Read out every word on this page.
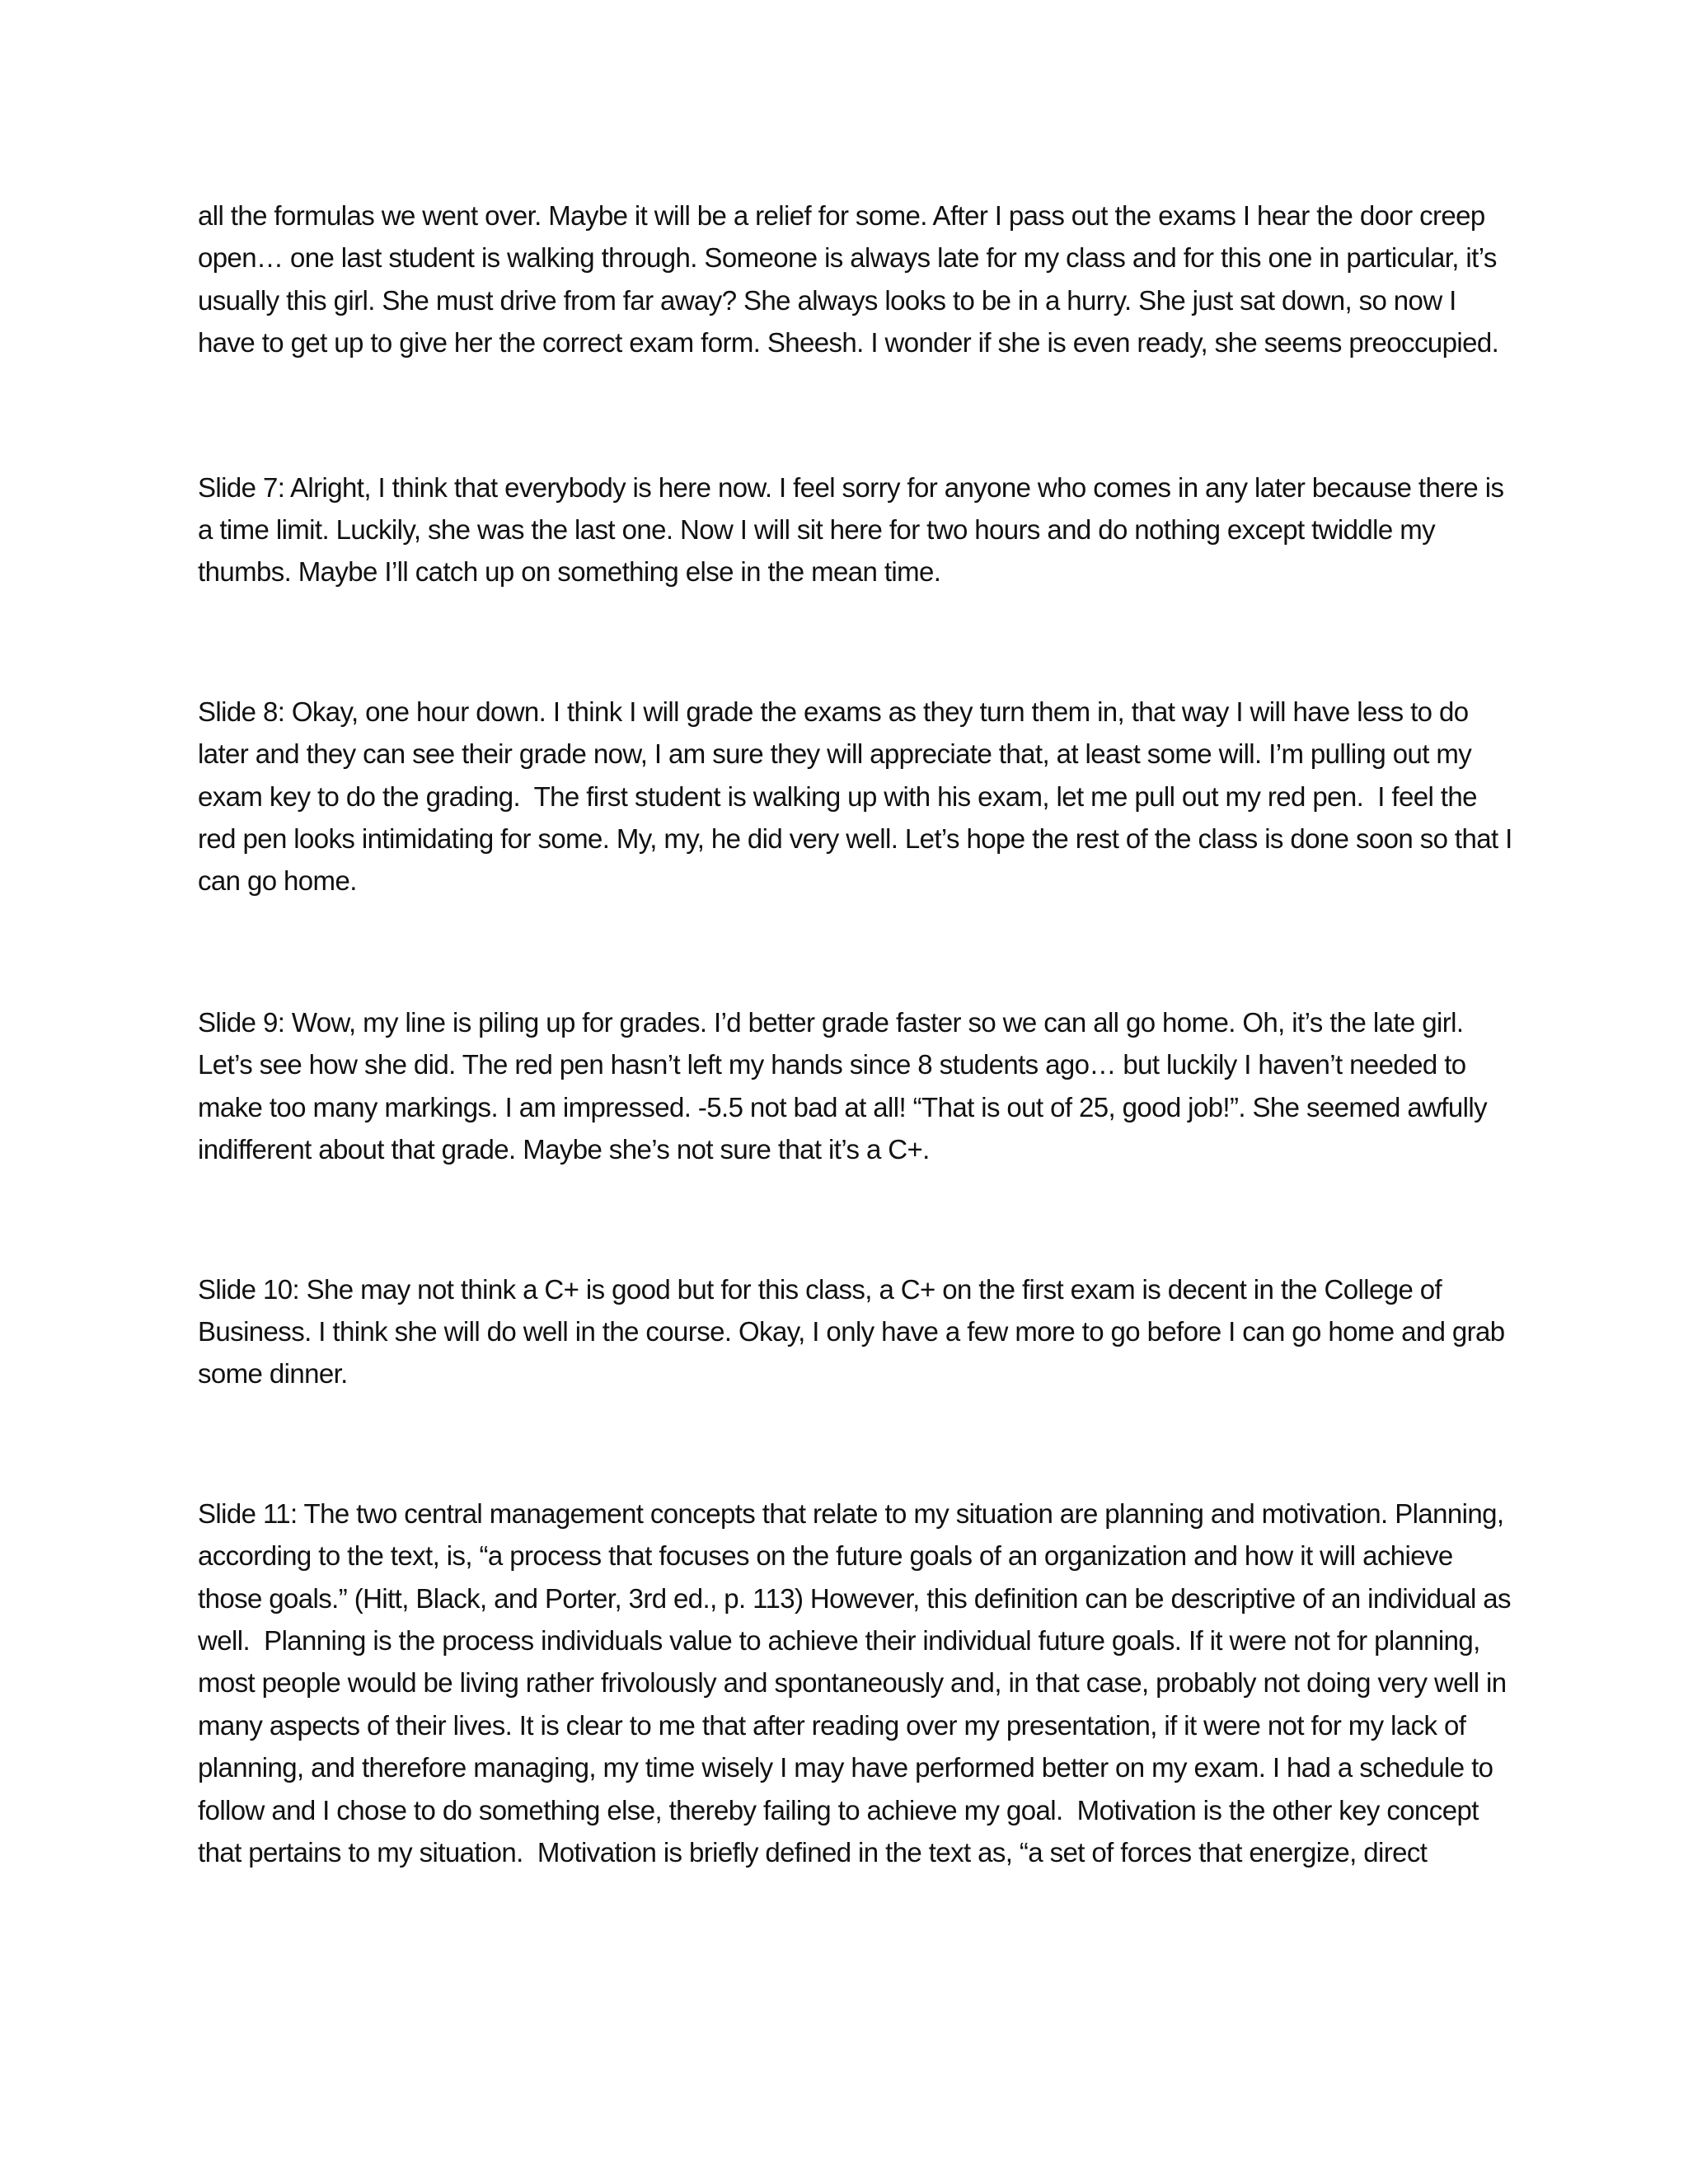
all the formulas we went over. Maybe it will be a relief for some. After I pass out the exams I hear the door creep open… one last student is walking through. Someone is always late for my class and for this one in particular, it’s usually this girl. She must drive from far away? She always looks to be in a hurry. She just sat down, so now I have to get up to give her the correct exam form. Sheesh. I wonder if she is even ready, she seems preoccupied.

Slide 7: Alright, I think that everybody is here now. I feel sorry for anyone who comes in any later because there is a time limit. Luckily, she was the last one. Now I will sit here for two hours and do nothing except twiddle my thumbs. Maybe I’ll catch up on something else in the mean time.

Slide 8: Okay, one hour down. I think I will grade the exams as they turn them in, that way I will have less to do later and they can see their grade now, I am sure they will appreciate that, at least some will. I’m pulling out my exam key to do the grading.  The first student is walking up with his exam, let me pull out my red pen.  I feel the red pen looks intimidating for some. My, my, he did very well. Let’s hope the rest of the class is done soon so that I can go home.

Slide 9: Wow, my line is piling up for grades. I’d better grade faster so we can all go home. Oh, it’s the late girl. Let’s see how she did. The red pen hasn’t left my hands since 8 students ago… but luckily I haven’t needed to make too many markings. I am impressed. -5.5 not bad at all! “That is out of 25, good job!”. She seemed awfully indifferent about that grade. Maybe she’s not sure that it’s a C+.

Slide 10: She may not think a C+ is good but for this class, a C+ on the first exam is decent in the College of Business. I think she will do well in the course. Okay, I only have a few more to go before I can go home and grab some dinner.

Slide 11: The two central management concepts that relate to my situation are planning and motivation. Planning, according to the text, is, “a process that focuses on the future goals of an organization and how it will achieve those goals.” (Hitt, Black, and Porter, 3rd ed., p. 113) However, this definition can be descriptive of an individual as well.  Planning is the process individuals value to achieve their individual future goals. If it were not for planning, most people would be living rather frivolously and spontaneously and, in that case, probably not doing very well in many aspects of their lives. It is clear to me that after reading over my presentation, if it were not for my lack of planning, and therefore managing, my time wisely I may have performed better on my exam. I had a schedule to follow and I chose to do something else, thereby failing to achieve my goal.  Motivation is the other key concept that pertains to my situation.  Motivation is briefly defined in the text as, “a set of forces that energize, direct
